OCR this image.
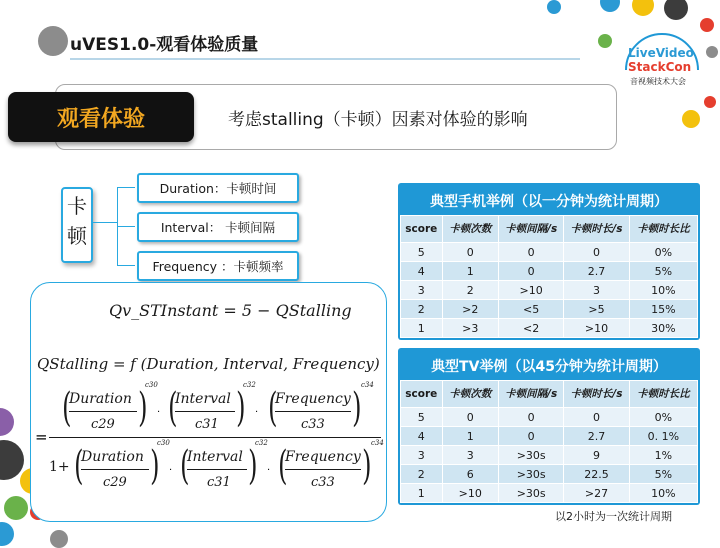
LiveVideo
StackCon
音视频技术大会
uVES1.0-观看体验质量
观看体验	考虑stalling（卡顿）因素对体验的影响
卡
顿
Duration：卡顿时间
Interval： 卡顿间隔
Frequency ：卡顿频率
Qv_STInstant = 5 − QStalling
QStalling = f (Duration, Interval, Frequency)
(
Duration
c29 )
c30
· (
Interval
c31 )
c32
· (
Frequency
c33 ) c34
=
1+ (
Duration
c29 )
c30
· (
Interval
c31 )
c32
· (
Frequency
c33 ) c34
典型手机举例（以一分钟为统计周期）
score	卡顿次数	卡顿间隔/s	卡顿时长/s	卡顿时长比
5	0	0	0	0%
4	1	0	2.7	5%
3	2	>10	3	10%
2	>2	<5	>5	15%
1	>3	<2	>10	30%
典型TV举例（以45分钟为统计周期）
score	卡顿次数	卡顿间隔/s	卡顿时长/s	卡顿时长比
5	0	0	0	0%
4	1	0	2.7	0. 1%
3	3	>30s	9	1%
2	6	>30s	22.5	5%
1	>10	>30s	>27	10%
以2小时为一次统计周期
